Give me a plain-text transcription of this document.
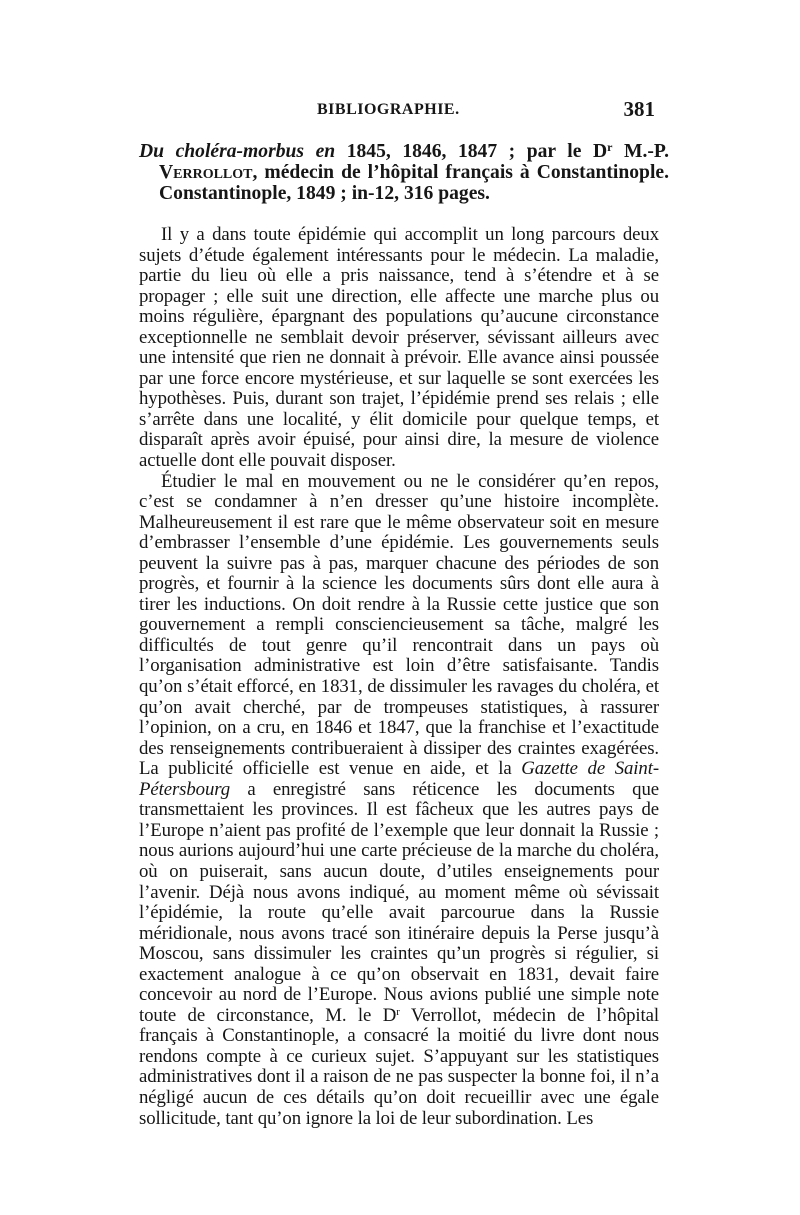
BIBLIOGRAPHIE.	381
Du choléra-morbus en 1845, 1846, 1847 ; par le $D^r$ M.-P. Verrollot, médecin de l’hôpital français à Constantinople. Constantinople, 1849 ; in-12, 316 pages.

Il y a dans toute épidémie qui accomplit un long parcours deux sujets d’étude également intéressants pour le médecin. La maladie, partie du lieu où elle a pris naissance, tend à s’étendre et à se propager ; elle suit une direction, elle affecte une marche plus ou moins régulière, épargnant des populations qu’aucune circonstance exceptionnelle ne semblait devoir préserver, sévissant ailleurs avec une intensité que rien ne donnait à prévoir. Elle avance ainsi poussée par une force encore mystérieuse, et sur laquelle se sont exercées les hypothèses. Puis, durant son trajet, l’épidémie prend ses relais ; elle s’arrête dans une localité, y élit domicile pour quelque temps, et disparaît après avoir épuisé, pour ainsi dire, la mesure de violence actuelle dont elle pouvait disposer.

Étudier le mal en mouvement ou ne le considérer qu’en repos, c’est se condamner à n’en dresser qu’une histoire incomplète. Malheureusement il est rare que le même observateur soit en mesure d’embrasser l’ensemble d’une épidémie. Les gouvernements seuls peuvent la suivre pas à pas, marquer chacune des périodes de son progrès, et fournir à la science les documents sûrs dont elle aura à tirer les inductions. On doit rendre à la Russie cette justice que son gouvernement a rempli consciencieusement sa tâche, malgré les difficultés de tout genre qu’il rencontrait dans un pays où l’organisation administrative est loin d’être satisfaisante. Tandis qu’on s’était efforcé, en 1831, de dissimuler les ravages du choléra, et qu’on avait cherché, par de trompeuses statistiques, à rassurer l’opinion, on a cru, en 1846 et 1847, que la franchise et l’exactitude des renseignements contribueraient à dissiper des craintes exagérées. La publicité officielle est venue en aide, et la Gazette de Saint-Pétersbourg a enregistré sans réticence les documents que transmettaient les provinces. Il est fâcheux que les autres pays de l’Europe n’aient pas profité de l’exemple que leur donnait la Russie ; nous aurions aujourd’hui une carte précieuse de la marche du choléra, où on puiserait, sans aucun doute, d’utiles enseignements pour l’avenir. Déjà nous avons indiqué, au moment même où sévissait l’épidémie, la route qu’elle avait parcourue dans la Russie méridionale, nous avons tracé son itinéraire depuis la Perse jusqu’à Moscou, sans dissimuler les craintes qu’un progrès si régulier, si exactement analogue à ce qu’on observait en 1831, devait faire concevoir au nord de l’Europe. Nous avions publié une simple note toute de circonstance, M. le $D^r$ Verrollot, médecin de l’hôpital français à Constantinople, a consacré la moitié du livre dont nous rendons compte à ce curieux sujet. S’appuyant sur les statistiques administratives dont il a raison de ne pas suspecter la bonne foi, il n’a négligé aucun de ces détails qu’on doit recueillir avec une égale sollicitude, tant qu’on ignore la loi de leur subordination. Les
